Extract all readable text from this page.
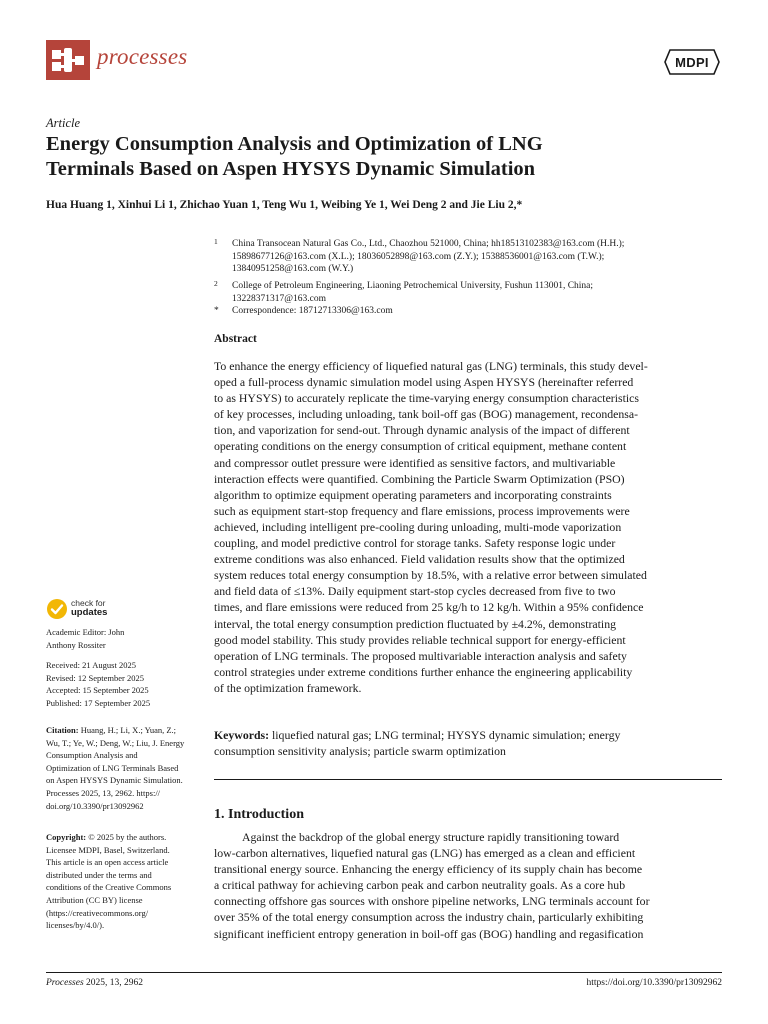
processes	MDPI
Article
Energy Consumption Analysis and Optimization of LNG
Terminals Based on Aspen HYSYS Dynamic Simulation
Hua Huang 1, Xinhui Li 1, Zhichao Yuan 1, Teng Wu 1, Weibing Ye 1, Wei Deng 2 and Jie Liu 2,*
1 China Transocean Natural Gas Co., Ltd., Chaozhou 521000, China; hh18513102383@163.com (H.H.);
15898677126@163.com (X.L.); 18036052898@163.com (Z.Y.); 15388536001@163.com (T.W.);
13840951258@163.com (W.Y.)
2 College of Petroleum Engineering, Liaoning Petrochemical University, Fushun 113001, China;
13228371317@163.com
* Correspondence: 18712713306@163.com
Abstract
To enhance the energy efficiency of liquefied natural gas (LNG) terminals, this study devel-
oped a full-process dynamic simulation model using Aspen HYSYS (hereinafter referred
to as HYSYS) to accurately replicate the time-varying energy consumption characteristics
of key processes, including unloading, tank boil-off gas (BOG) management, recondensa-
tion, and vaporization for send-out. Through dynamic analysis of the impact of different
operating conditions on the energy consumption of critical equipment, methane content
and compressor outlet pressure were identified as sensitive factors, and multivariable
interaction effects were quantified. Combining the Particle Swarm Optimization (PSO)
algorithm to optimize equipment operating parameters and incorporating constraints
such as equipment start-stop frequency and flare emissions, process improvements were
achieved, including intelligent pre-cooling during unloading, multi-mode vaporization
coupling, and model predictive control for storage tanks. Safety response logic under
extreme conditions was also enhanced. Field validation results show that the optimized
system reduces total energy consumption by 18.5%, with a relative error between simulated
and field data of ≤13%. Daily equipment start-stop cycles decreased from five to two
times, and flare emissions were reduced from 25 kg/h to 12 kg/h. Within a 95% confidence
interval, the total energy consumption prediction fluctuated by ±4.2%, demonstrating
good model stability. This study provides reliable technical support for energy-efficient
operation of LNG terminals. The proposed multivariable interaction analysis and safety
control strategies under extreme conditions further enhance the engineering applicability
of the optimization framework.
Keywords: liquefied natural gas; LNG terminal; HYSYS dynamic simulation; energy
consumption sensitivity analysis; particle swarm optimization
1. Introduction
Against the backdrop of the global energy structure rapidly transitioning toward
low-carbon alternatives, liquefied natural gas (LNG) has emerged as a clean and efficient
transitional energy source. Enhancing the energy efficiency of its supply chain has become
a critical pathway for achieving carbon peak and carbon neutrality goals. As a core hub
connecting offshore gas sources with onshore pipeline networks, LNG terminals account for
over 35% of the total energy consumption across the industry chain, particularly exhibiting
significant inefficient entropy generation in boil-off gas (BOG) handling and regasification
check for
updates
Academic Editor: John
Anthony Rossiter
Received: 21 August 2025
Revised: 12 September 2025
Accepted: 15 September 2025
Published: 17 September 2025
Citation: Huang, H.; Li, X.; Yuan, Z.;
Wu, T.; Ye, W.; Deng, W.; Liu, J. Energy
Consumption Analysis and
Optimization of LNG Terminals Based
on Aspen HYSYS Dynamic Simulation.
Processes 2025, 13, 2962. https://
doi.org/10.3390/pr13092962
Copyright: © 2025 by the authors.
Licensee MDPI, Basel, Switzerland.
This article is an open access article
distributed under the terms and
conditions of the Creative Commons
Attribution (CC BY) license
(https://creativecommons.org/
licenses/by/4.0/).
Processes 2025, 13, 2962	https://doi.org/10.3390/pr13092962
